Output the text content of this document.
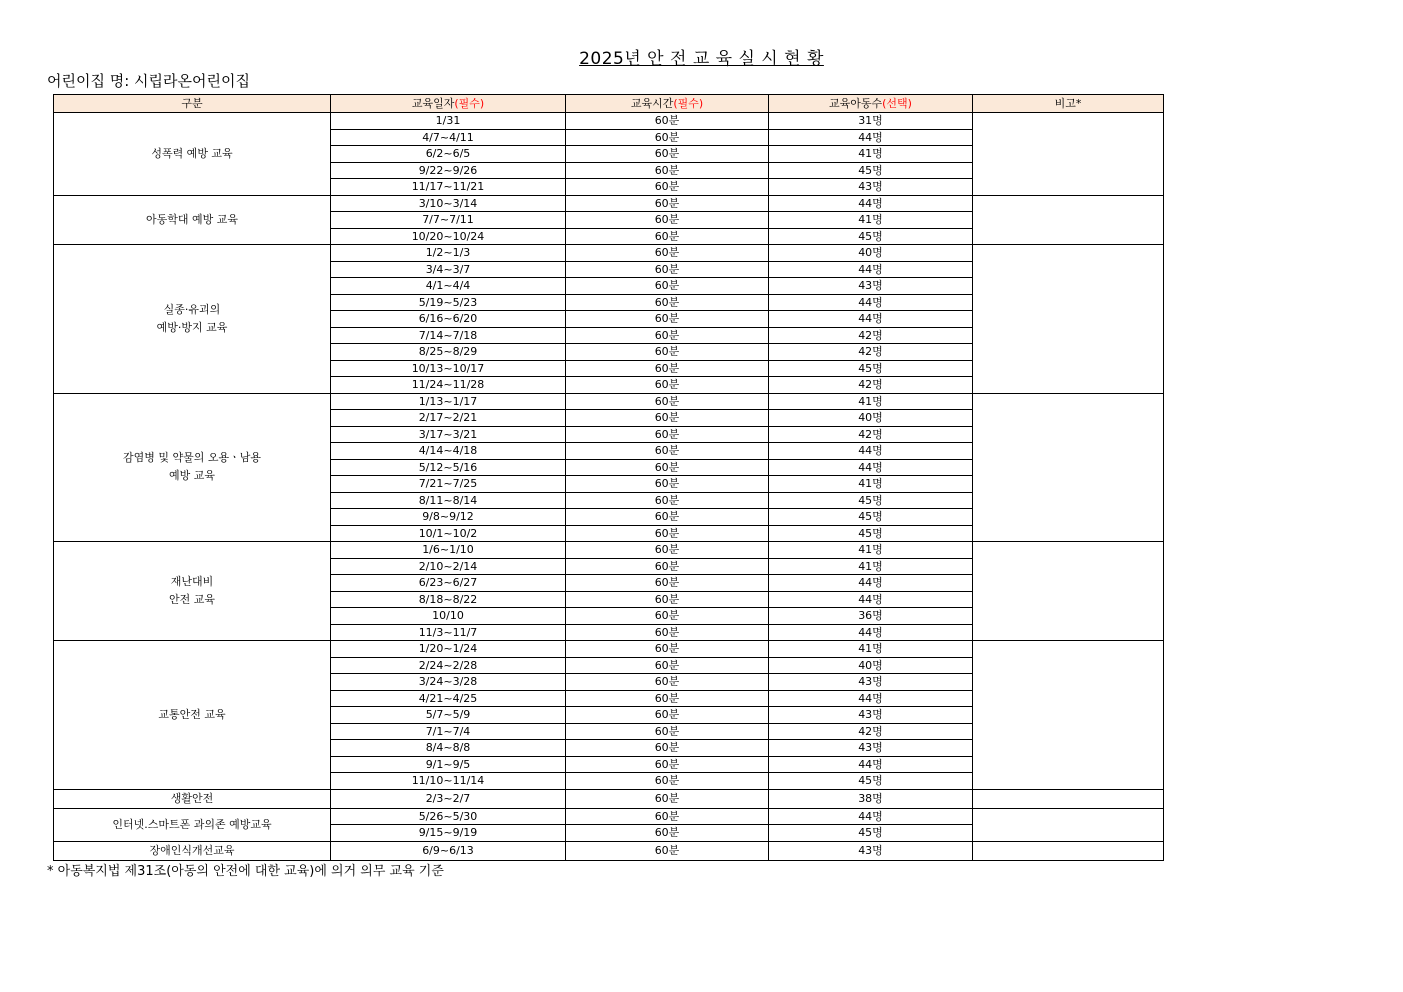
2025년 안 전 교 육 실 시 현 황
어린이집 명: 시립라온어린이집
구분	교육일자(필수)	교육시간(필수)	교육아동수(선택)	비고*

성폭력 예방 교육	1/31	60분	31명	
	4/7~4/11	60분	44명	
	6/2~6/5	60분	41명	
	9/22~9/26	60분	45명	
	11/17~11/21	60분	43명	

아동학대 예방 교육	3/10~3/14	60분	44명	
	7/7~7/11	60분	41명	
	10/20~10/24	60분	45명	

실종·유괴의
예방·방지 교육	1/2~1/3	60분	40명	
	3/4~3/7	60분	44명	
	4/1~4/4	60분	43명	
	5/19~5/23	60분	44명	
	6/16~6/20	60분	44명	
	7/14~7/18	60분	42명	
	8/25~8/29	60분	42명	
	10/13~10/17	60분	45명	
	11/24~11/28	60분	42명	

감염병 및 약물의 오용ㆍ남용
예방 교육	1/13~1/17	60분	41명	
	2/17~2/21	60분	40명	
	3/17~3/21	60분	42명	
	4/14~4/18	60분	44명	
	5/12~5/16	60분	44명	
	7/21~7/25	60분	41명	
	8/11~8/14	60분	45명	
	9/8~9/12	60분	45명	
	10/1~10/2	60분	45명	

재난대비
안전 교육	1/6~1/10	60분	41명	
	2/10~2/14	60분	41명	
	6/23~6/27	60분	44명	
	8/18~8/22	60분	44명	
	10/10	60분	36명	
	11/3~11/7	60분	44명	

교통안전 교육	1/20~1/24	60분	41명	
	2/24~2/28	60분	40명	
	3/24~3/28	60분	43명	
	4/21~4/25	60분	44명	
	5/7~5/9	60분	43명	
	7/1~7/4	60분	42명	
	8/4~8/8	60분	43명	
	9/1~9/5	60분	44명	
	11/10~11/14	60분	45명	

생활안전	2/3~2/7	60분	38명	

인터넷.스마트폰 과의존 예방교육	5/26~5/30	60분	44명	
	9/15~9/19	60분	45명	

장애인식개선교육	6/9~6/13	60분	43명	
* 아동복지법 제31조(아동의 안전에 대한 교육)에 의거 의무 교육 기준
